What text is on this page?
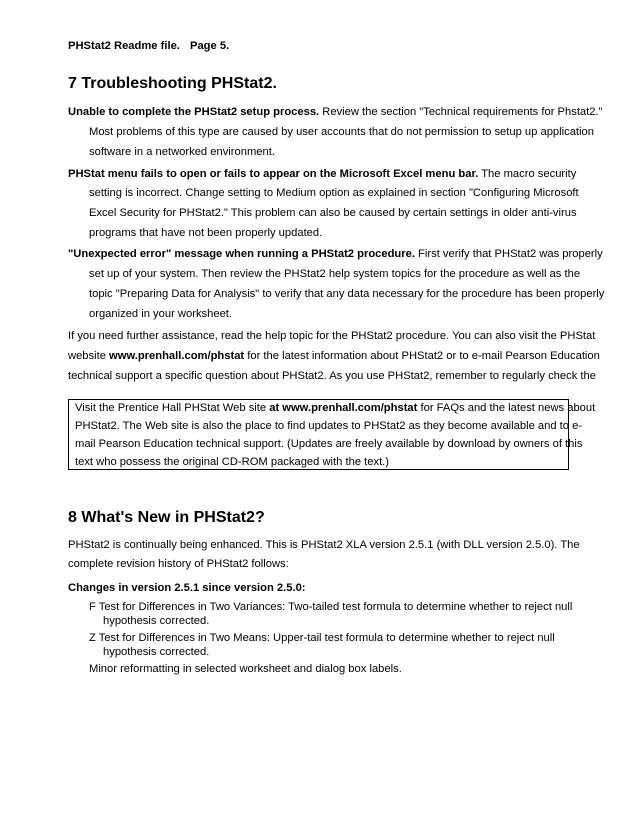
PHStat2 Readme file. Page 5.
7 Troubleshooting PHStat2.
Unable to complete the PHStat2 setup process. Review the section "Technical requirements for Phstat2."
Most problems of this type are caused by user accounts that do not permission to setup up application
software in a networked environment.
PHStat menu fails to open or fails to appear on the Microsoft Excel menu bar. The macro security
setting is incorrect. Change setting to Medium option as explained in section "Configuring Microsoft
Excel Security for PHStat2." This problem can also be caused by certain settings in older anti-virus
programs that have not been properly updated.
"Unexpected error" message when running a PHStat2 procedure. First verify that PHStat2 was properly
set up of your system. Then review the PHStat2 help system topics for the procedure as well as the
topic "Preparing Data for Analysis" to verify that any data necessary for the procedure has been properly
organized in your worksheet.
If you need further assistance, read the help topic for the PHStat2 procedure. You can also visit the PHStat
website www.prenhall.com/phstat for the latest information about PHStat2 or to e-mail Pearson Education
technical support a specific question about PHStat2. As you use PHStat2, remember to regularly check the
Visit the Prentice Hall PHStat Web site at www.prenhall.com/phstat for FAQs and the latest news about
PHStat2. The Web site is also the place to find updates to PHStat2 as they become available and to e-
mail Pearson Education technical support. (Updates are freely available by download by owners of this
text who possess the original CD-ROM packaged with the text.)
8 What's New in PHStat2?
PHStat2 is continually being enhanced. This is PHStat2 XLA version 2.5.1 (with DLL version 2.5.0). The
complete revision history of PHStat2 follows:
Changes in version 2.5.1 since version 2.5.0:
F Test for Differences in Two Variances: Two-tailed test formula to determine whether to reject null
hypothesis corrected.
Z Test for Differences in Two Means: Upper-tail test formula to determine whether to reject null
hypothesis corrected.
Minor reformatting in selected worksheet and dialog box labels.
